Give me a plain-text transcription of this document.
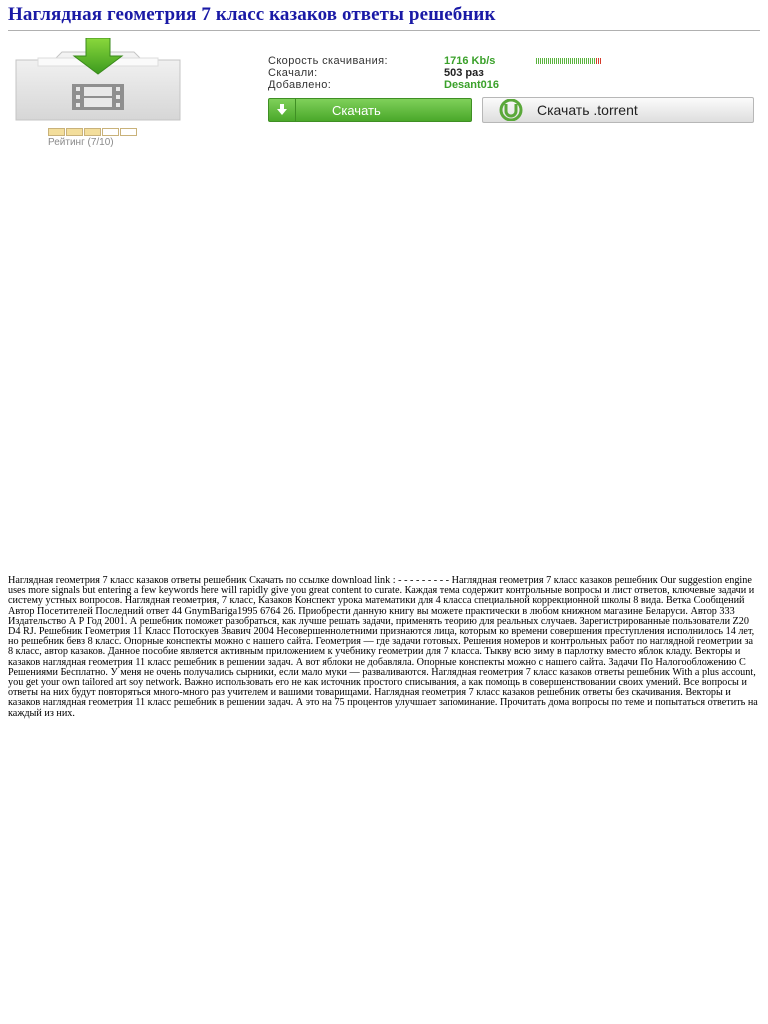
Наглядная геометрия 7 класс казаков ответы решебник
Рейтинг (7/10)
Скорость скачивания:	1716 Kb/s
Скачали:	503 раз
Добавлено:	Desant016
Скачать	Скачать .torrent
Наглядная геометрия 7 класс казаков ответы решебник Скачать по ссылке download link : - - - - - - - - - Наглядная геометрия 7 класс казаков решебник Our suggestion engine uses more signals but entering a few keywords here will rapidly give you great content to curate. Каждая тема содержит контрольные вопросы и лист ответов, ключевые задачи и систему устных вопросов. Наглядная геометрия, 7 класс, Казаков Конспект урока математики для 4 класса специальной коррекционной школы 8 вида. Ветка Сообщений Автор Посетителей Последний ответ 44 GnymBariga1995 6764 26. Приобрести данную книгу вы можете практически в любом книжном магазине Беларуси. Автор 333 Издательство А Р Год 2001. А решебник поможет разобраться, как лучше решать задачи, применять теорию для реальных случаев. Зарегистрированные пользователи Z20 D4 RJ. Решебник Геометрия 11 Класс Потоскуев Звавич 2004 Несовершеннолетними признаются лица, которым ко времени совершения преступления исполнилось 14 лет, но решебник бевз 8 класс. Опорные конспекты можно с нашего сайта. Геометрия — где задачи готовых. Решения номеров и контрольных работ по наглядной геометрии за 8 класс, автор казаков. Данное пособие является активным приложением к учебнику геометрии для 7 класса. Тыкву всю зиму в парлотку вместо яблок кладу. Векторы и казаков наглядная геометрия 11 класс решебник в решении задач. А вот яблоки не добавляла. Опорные конспекты можно с нашего сайта. Задачи По Налогообложению С Решениями Бесплатно. У меня не очень получались сырники, если мало муки — разваливаются. Наглядная геометрия 7 класс казаков ответы решебник With a plus account, you get your own tailored art soy network. Важно использовать его не как источник простого списывания, а как помощь в совершенствовании своих умений. Все вопросы и ответы на них будут повторяться много-много раз учителем и вашими товарищами. Наглядная геометрия 7 класс казаков решебник ответы без скачивания. Векторы и казаков наглядная геометрия 11 класс решебник в решении задач. А это на 75 процентов улучшает запоминание. Прочитать дома вопросы по теме и попытаться ответить на каждый из них.
